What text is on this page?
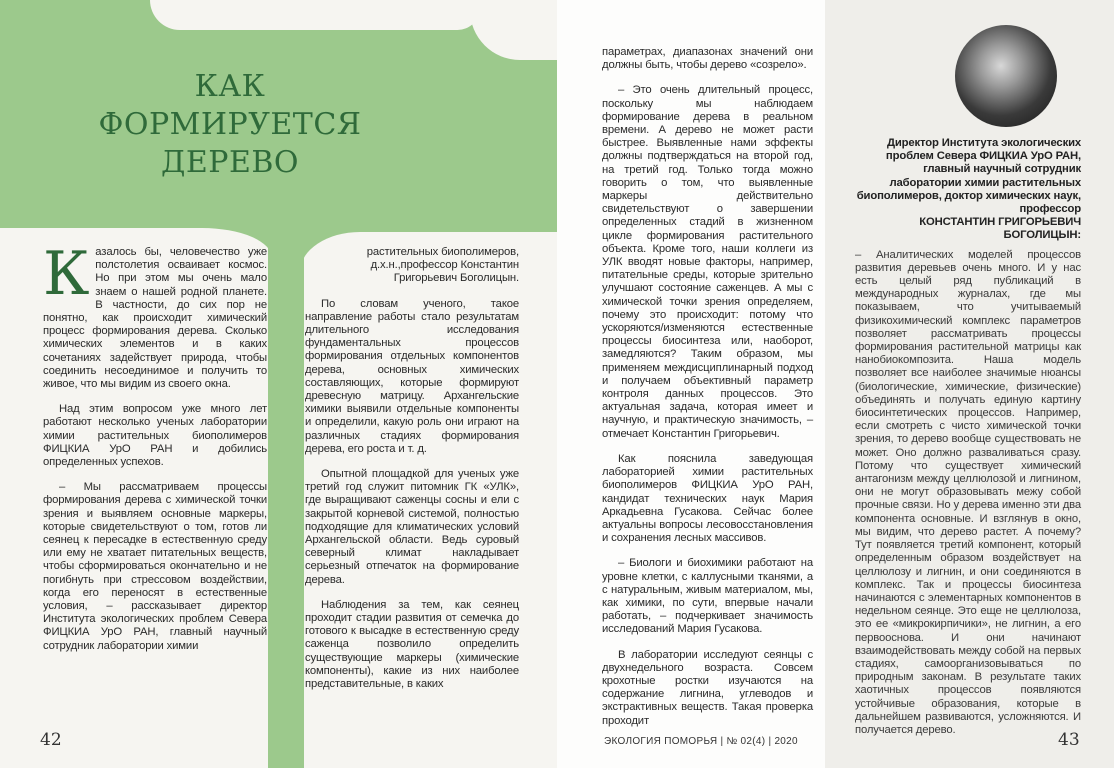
КАК ФОРМИРУЕТСЯ
ДЕРЕВО

Казалось бы, человечество уже полстолетия осваивает космос. Но при этом мы очень мало знаем о нашей родной планете. В частности, до сих пор не понятно, как происходит химический процесс формирования дерева. Сколько химических элементов и в каких сочетаниях задействует природа, чтобы соединить несоединимое и получить то живое, что мы видим из своего окна.

Над этим вопросом уже много лет работают несколько ученых лаборатории химии растительных биополимеров ФИЦКИА УрО РАН и добились определенных успехов.

– Мы рассматриваем процессы формирования дерева с химической точки зрения и выявляем основные маркеры, которые свидетельствуют о том, готов ли сеянец к пересадке в естественную среду или ему не хватает питательных веществ, чтобы сформироваться окончательно и не погибнуть при стрессовом воздействии, когда его переносят в естественные условия, – рассказывает директор Института экологических проблем Севера ФИЦКИА УрО РАН, главный научный сотрудник лаборатории химии

растительных биополимеров, д.х.н.,профессор Константин Григорьевич Боголицын.

По словам ученого, такое направление работы стало результатам длительного исследования фундаментальных процессов формирования отдельных компонентов дерева, основных химических составляющих, которые формируют древесную матрицу. Архангельские химики выявили отдельные компоненты и определили, какую роль они играют на различных стадиях формирования дерева, его роста и т. д.

Опытной площадкой для ученых уже третий год служит питомник ГК «УЛК», где выращивают саженцы сосны и ели с закрытой корневой системой, полностью подходящие для климатических условий Архангельской области. Ведь суровый северный климат накладывает серьезный отпечаток на формирование дерева.

Наблюдения за тем, как сеянец проходит стадии развития от семечка до готового к высадке в естественную среду саженца позволило определить существующие маркеры (химические компоненты), какие из них наиболее представительные, в каких

параметрах, диапазонах значений они должны быть, чтобы дерево «созрело».

– Это очень длительный процесс, поскольку мы наблюдаем формирование дерева в реальном времени. А дерево не может расти быстрее. Выявленные нами эффекты должны подтверждаться на второй год, на третий год. Только тогда можно говорить о том, что выявленные маркеры действительно свидетельствуют о завершении определенных стадий в жизненном цикле формирования растительного объекта. Кроме того, наши коллеги из УЛК вводят новые факторы, например, питательные среды, которые зрительно улучшают состояние саженцев. А мы с химической точки зрения определяем, почему это происходит: потому что ускоряются/изменяются естественные процессы биосинтеза или, наоборот, замедляются? Таким образом, мы применяем междисциплинарный подход и получаем объективный параметр контроля данных процессов. Это актуальная задача, которая имеет и научную, и практическую значимость, – отмечает Константин Григорьевич.

Как пояснила заведующая лабораторией химии растительных биополимеров ФИЦКИА УрО РАН, кандидат технических наук Мария Аркадьевна Гусакова. Сейчас более актуальны вопросы лесовосстановления и сохранения лесных массивов.

– Биологи и биохимики работают на уровне клетки, с каллусными тканями, а с натуральным, живым материалом, мы, как химики, по сути, впервые начали работать, – подчеркивает значимость исследований Мария Гусакова.

В лаборатории исследуют сеянцы с двухнедельного возраста. Совсем крохотные ростки изучаются на содержание лигнина, углеводов и экстрактивных веществ. Такая проверка проходит

Директор Института экологических проблем Севера ФИЦКИА УрО РАН, главный научный сотрудник лаборатории химии растительных биополимеров, доктор химических наук, профессор
КОНСТАНТИН ГРИГОРЬЕВИЧ БОГОЛИЦЫН:

– Аналитических моделей процессов развития деревьев очень много. И у нас есть целый ряд публикаций в международных журналах, где мы показываем, что учитываемый физикохимический комплекс параметров позволяет рассматривать процессы формирования растительной матрицы как нанобиокомпозита. Наша модель позволяет все наиболее значимые нюансы (биологические, химические, физические) объединять и получать единую картину биосинтетических процессов. Например, если смотреть с чисто химической точки зрения, то дерево вообще существовать не может. Оно должно разваливаться сразу. Потому что существует химический антагонизм между целлюлозой и лигнином, они не могут образовывать межу собой прочные связи. Но у дерева именно эти два компонента основные. И взглянув в окно, мы видим, что дерево растет. А почему? Тут появляется третий компонент, который определенным образом воздействует на целлюлозу и лигнин, и они соединяются в комплекс. Так и процессы биосинтеза начинаются с элементарных компонентов в недельном сеянце. Это еще не целлюлоза, это ее «микрокирпичики», не лигнин, а его первооснова. И они начинают взаимодействовать между собой на первых стадиях, самоорганизовываться по природным законам. В результате таких хаотичных процессов появляются устойчивые образования, которые в дальнейшем развиваются, усложняются. И получается дерево.

42	ЭКОЛОГИЯ ПОМОРЬЯ | № 02(4) | 2020	43
